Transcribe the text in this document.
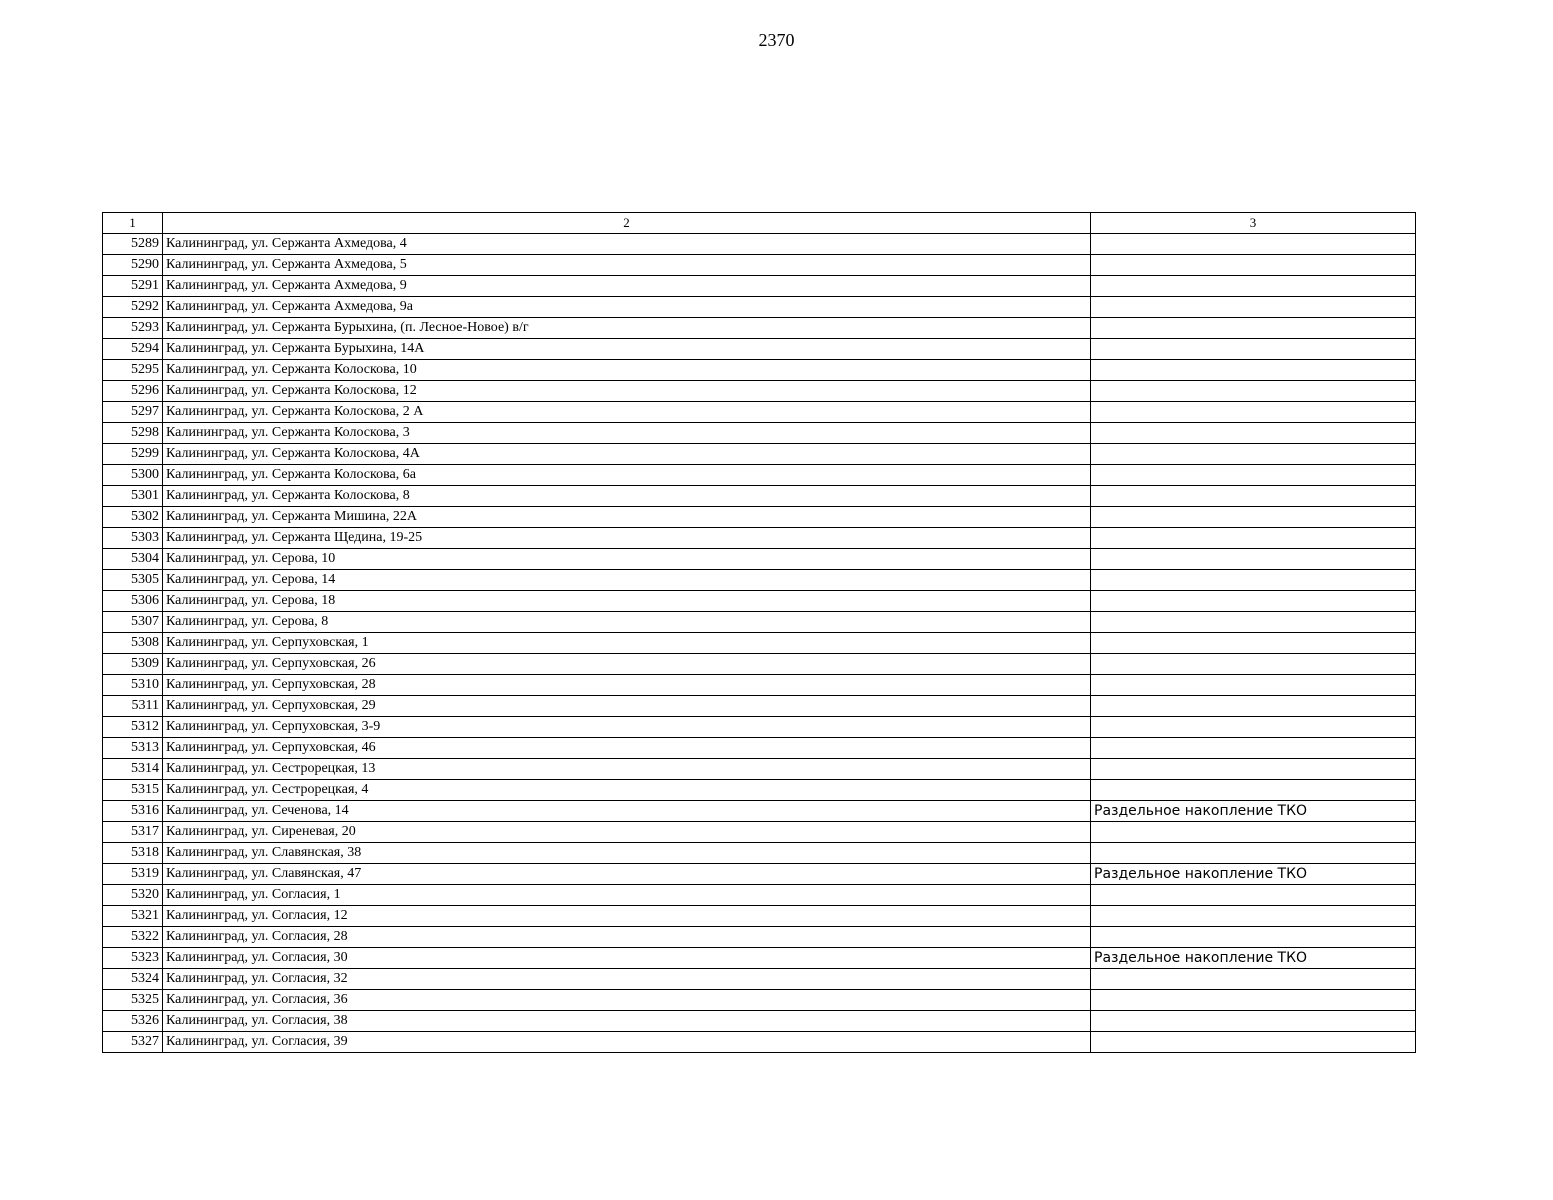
2370
1	2	3
5289	Калининград, ул. Сержанта Ахмедова, 4	
5290	Калининград, ул. Сержанта Ахмедова, 5	
5291	Калининград, ул. Сержанта Ахмедова, 9	
5292	Калининград, ул. Сержанта Ахмедова, 9а	
5293	Калининград, ул. Сержанта Бурыхина, (п. Лесное-Новое) в/г	
5294	Калининград, ул. Сержанта Бурыхина, 14А	
5295	Калининград, ул. Сержанта Колоскова, 10	
5296	Калининград, ул. Сержанта Колоскова, 12	
5297	Калининград, ул. Сержанта Колоскова, 2 А	
5298	Калининград, ул. Сержанта Колоскова, 3	
5299	Калининград, ул. Сержанта Колоскова, 4А	
5300	Калининград, ул. Сержанта Колоскова, 6а	
5301	Калининград, ул. Сержанта Колоскова, 8	
5302	Калининград, ул. Сержанта Мишина, 22А	
5303	Калининград, ул. Сержанта Щедина, 19-25	
5304	Калининград, ул. Серова, 10	
5305	Калининград, ул. Серова, 14	
5306	Калининград, ул. Серова, 18	
5307	Калининград, ул. Серова, 8	
5308	Калининград, ул. Серпуховская, 1	
5309	Калининград, ул. Серпуховская, 26	
5310	Калининград, ул. Серпуховская, 28	
5311	Калининград, ул. Серпуховская, 29	
5312	Калининград, ул. Серпуховская, 3-9	
5313	Калининград, ул. Серпуховская, 46	
5314	Калининград, ул. Сестрорецкая, 13	
5315	Калининград, ул. Сестрорецкая, 4	
5316	Калининград, ул. Сеченова, 14	Раздельное накопление ТКО
5317	Калининград, ул. Сиреневая, 20	
5318	Калининград, ул. Славянская, 38	
5319	Калининград, ул. Славянская, 47	Раздельное накопление ТКО
5320	Калининград, ул. Согласия, 1	
5321	Калининград, ул. Согласия, 12	
5322	Калининград, ул. Согласия, 28	
5323	Калининград, ул. Согласия, 30	Раздельное накопление ТКО
5324	Калининград, ул. Согласия, 32	
5325	Калининград, ул. Согласия, 36	
5326	Калининград, ул. Согласия, 38	
5327	Калининград, ул. Согласия, 39	
